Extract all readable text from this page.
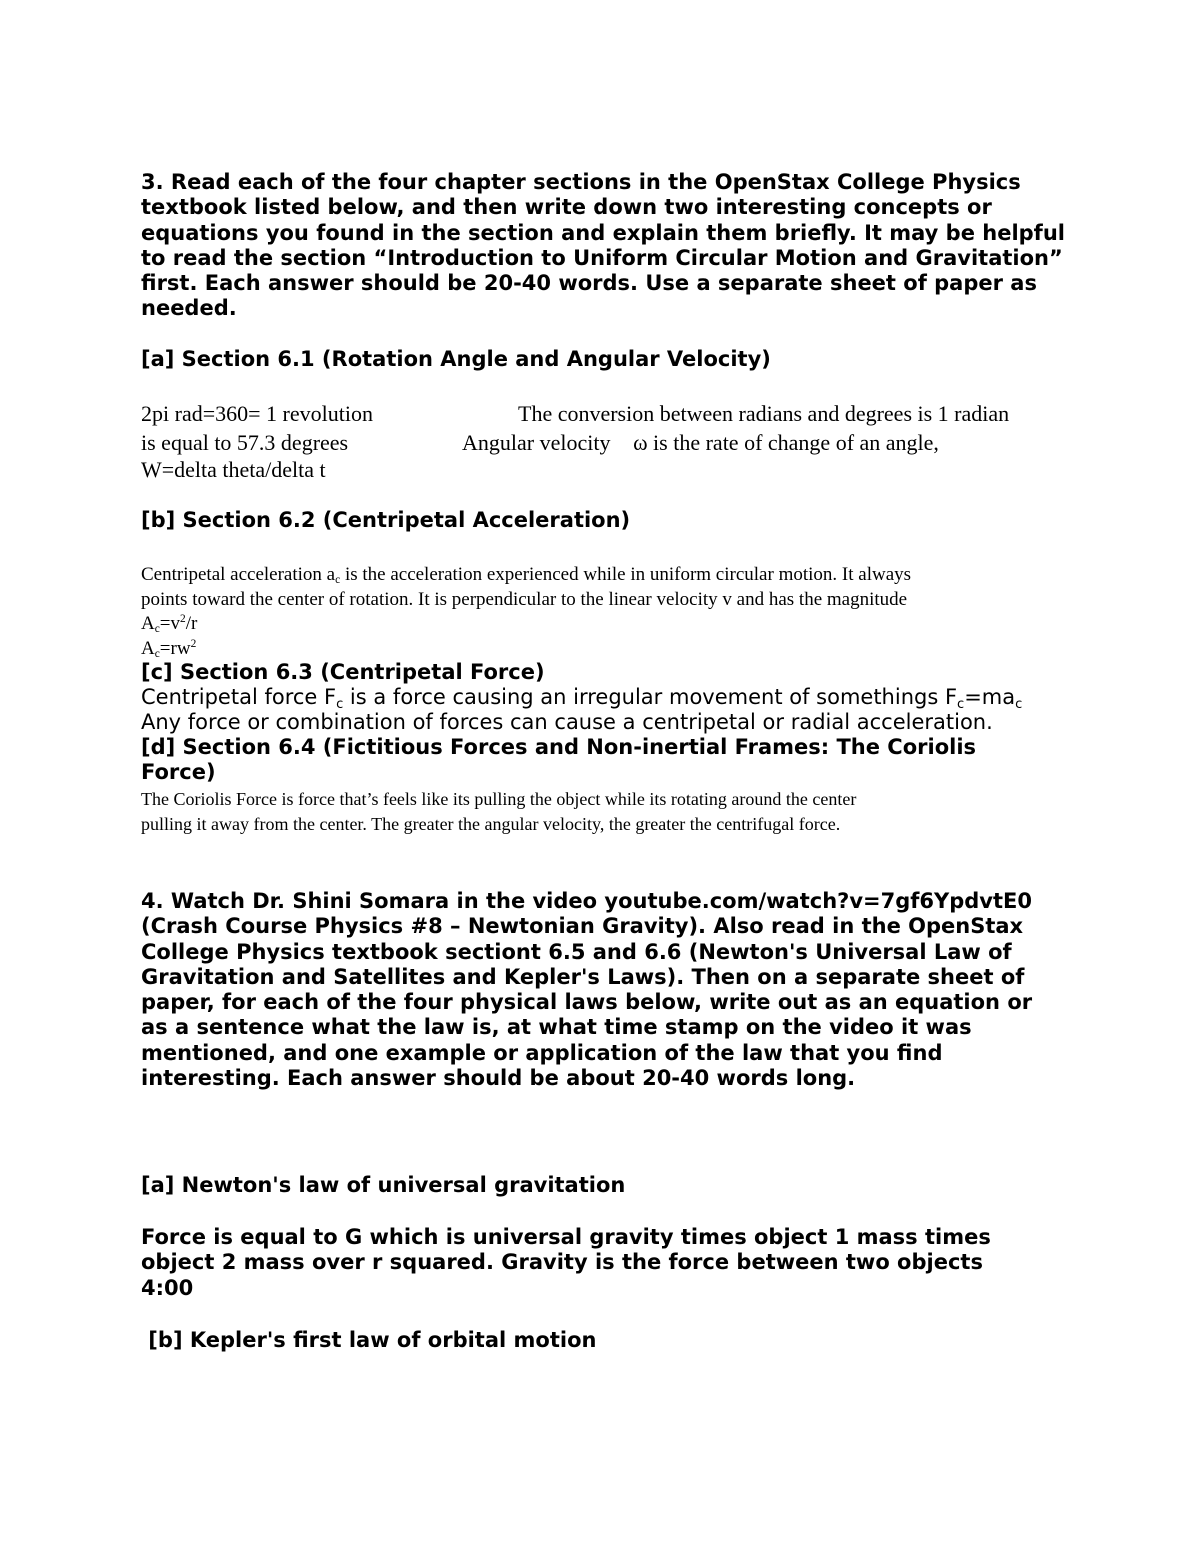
3. Read each of the four chapter sections in the OpenStax College Physics textbook listed below, and then write down two interesting concepts or equations you found in the section and explain them briefly. It may be helpful to read the section “Introduction to Uniform Circular Motion and Gravitation” first. Each answer should be 20-40 words. Use a separate sheet of paper as needed.

[a] Section 6.1 (Rotation Angle and Angular Velocity)

2pi rad=360= 1 revolution	The conversion between radians and degrees is 1 radian
is equal to 57.3 degrees	Angular velocity  ω is the rate of change of an angle,
W=delta theta/delta t

[b] Section 6.2 (Centripetal Acceleration)

Centripetal acceleration $a_c$ is the acceleration experienced while in uniform circular motion. It always
points toward the center of rotation. It is perpendicular to the linear velocity v and has the magnitude
$A_c=v^2/r$
$A_c=rw^2$

[c] Section 6.3 (Centripetal Force)

Centripetal force $F_c$ is a force causing an irregular movement of somethings $F_c=ma_c$
Any force or combination of forces can cause a centripetal or radial acceleration.

[d] Section 6.4 (Fictitious Forces and Non-inertial Frames: The Coriolis Force)

The Coriolis Force is force that’s feels like its pulling the object while its rotating around the center
pulling it away from the center. The greater the angular velocity, the greater the centrifugal force.

4. Watch Dr. Shini Somara in the video youtube.com/watch?v=7gf6YpdvtE0 (Crash Course Physics #8 – Newtonian Gravity). Also read in the OpenStax College Physics textbook sectiont 6.5 and 6.6 (Newton's Universal Law of Gravitation and Satellites and Kepler's Laws). Then on a separate sheet of paper, for each of the four physical laws below, write out as an equation or as a sentence what the law is, at what time stamp on the video it was mentioned, and one example or application of the law that you find interesting. Each answer should be about 20-40 words long.

[a] Newton's law of universal gravitation

Force is equal to G which is universal gravity times object 1 mass times object 2 mass over r squared. Gravity is the force between two objects 4:00

[b] Kepler's first law of orbital motion
